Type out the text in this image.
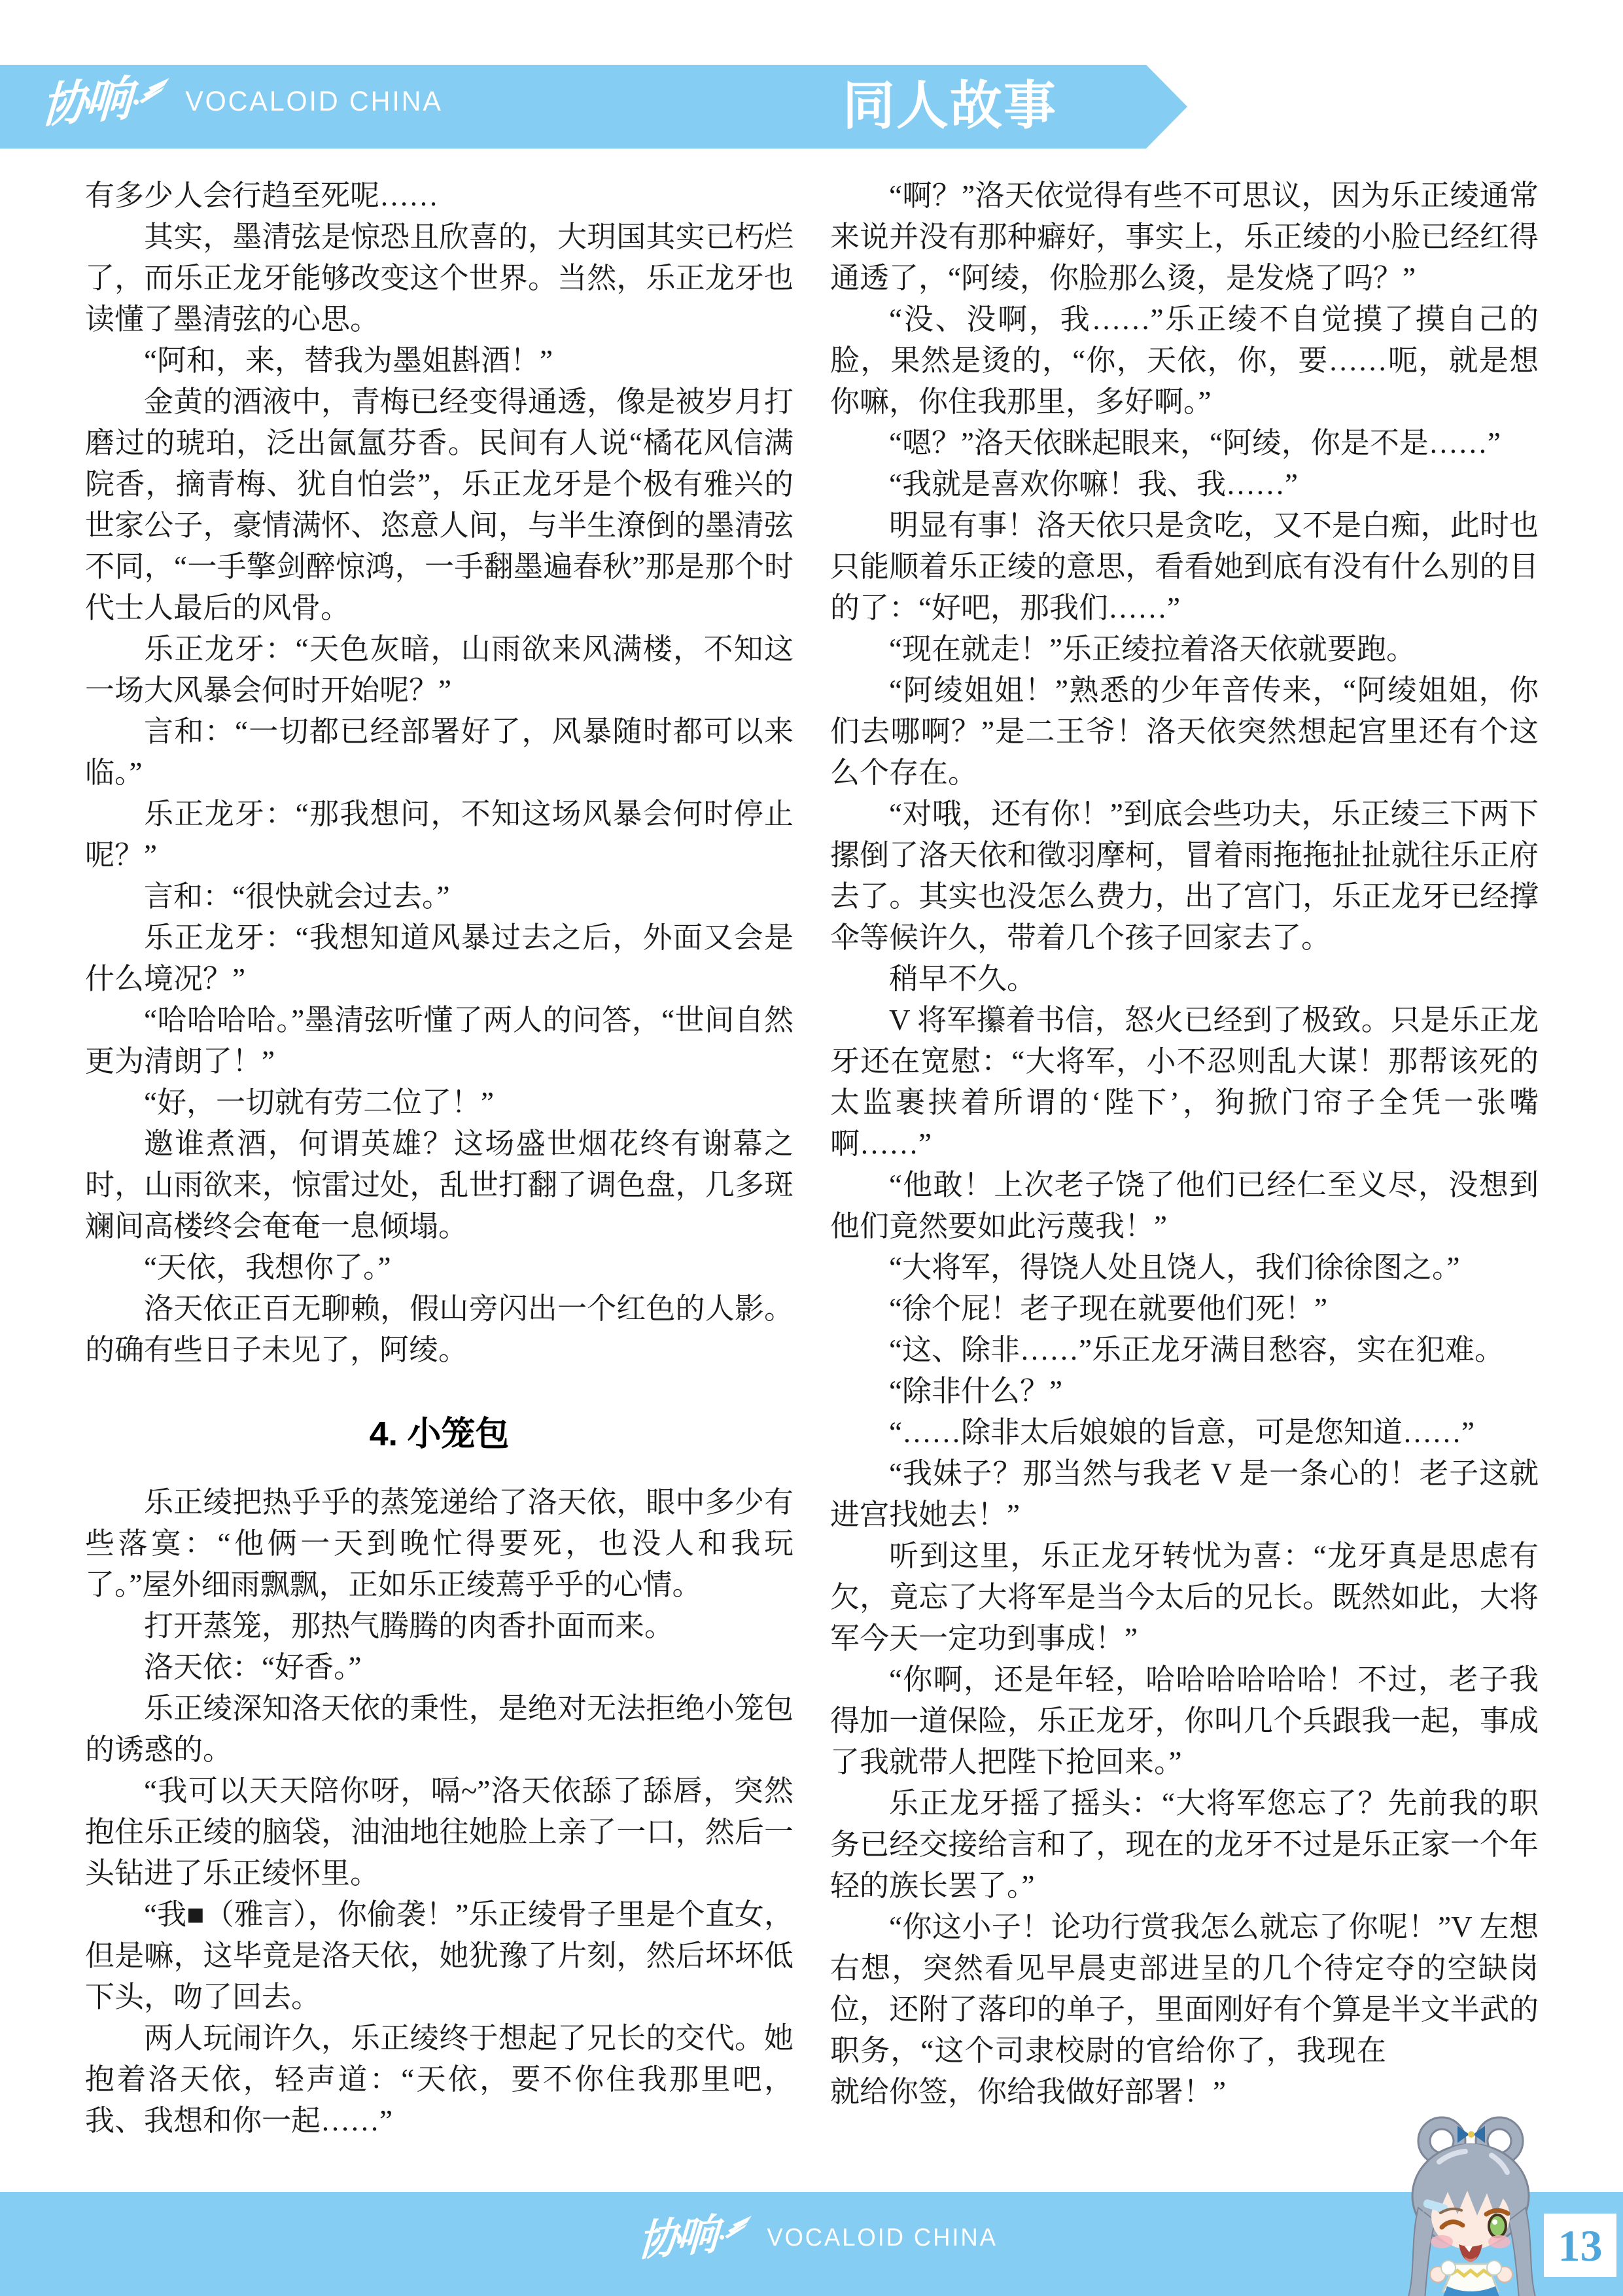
协响 VOCALOID CHINA	同人故事

有多少人会行趋至死呢……

其实，墨清弦是惊恐且欣喜的，大玥国其实已朽烂了，而乐正龙牙能够改变这个世界。当然，乐正龙牙也读懂了墨清弦的心思。

“阿和，来，替我为墨姐斟酒！”

金黄的酒液中，青梅已经变得通透，像是被岁月打磨过的琥珀，泛出氤氲芬香。民间有人说“橘花风信满院香，摘青梅、犹自怕尝”，乐正龙牙是个极有雅兴的世家公子，豪情满怀、恣意人间，与半生潦倒的墨清弦不同，“一手擎剑醉惊鸿，一手翻墨遍春秋”那是那个时代士人最后的风骨。

乐正龙牙：“天色灰暗，山雨欲来风满楼，不知这一场大风暴会何时开始呢？”

言和：“一切都已经部署好了，风暴随时都可以来临。”

乐正龙牙：“那我想问，不知这场风暴会何时停止呢？”

言和：“很快就会过去。”

乐正龙牙：“我想知道风暴过去之后，外面又会是什么境况？”

“哈哈哈哈。”墨清弦听懂了两人的问答，“世间自然更为清朗了！”

“好，一切就有劳二位了！”

邀谁煮酒，何谓英雄？这场盛世烟花终有谢幕之时，山雨欲来，惊雷过处，乱世打翻了调色盘，几多斑斓间高楼终会奄奄一息倾塌。

“天依，我想你了。”

洛天依正百无聊赖，假山旁闪出一个红色的人影。的确有些日子未见了，阿绫。

4. 小笼包

乐正绫把热乎乎的蒸笼递给了洛天依，眼中多少有些落寞：“他俩一天到晚忙得要死，也没人和我玩了。”屋外细雨飘飘，正如乐正绫蔫乎乎的心情。

打开蒸笼，那热气腾腾的肉香扑面而来。

洛天依：“好香。”

乐正绫深知洛天依的秉性，是绝对无法拒绝小笼包的诱惑的。

“我可以天天陪你呀，嗝~”洛天依舔了舔唇，突然抱住乐正绫的脑袋，油油地往她脸上亲了一口，然后一头钻进了乐正绫怀里。

“我■（雅言），你偷袭！”乐正绫骨子里是个直女，但是嘛，这毕竟是洛天依，她犹豫了片刻，然后坏坏低下头，吻了回去。

两人玩闹许久，乐正绫终于想起了兄长的交代。她抱着洛天依，轻声道：“天依，要不你住我那里吧，我、我想和你一起……”

“啊？”洛天依觉得有些不可思议，因为乐正绫通常来说并没有那种癖好，事实上，乐正绫的小脸已经红得通透了，“阿绫，你脸那么烫，是发烧了吗？”

“没、没啊，我……”乐正绫不自觉摸了摸自己的脸，果然是烫的，“你，天依，你，要……呃，就是想你嘛，你住我那里，多好啊。”

“嗯？”洛天依眯起眼来，“阿绫，你是不是……”

“我就是喜欢你嘛！我、我……”

明显有事！洛天依只是贪吃，又不是白痴，此时也只能顺着乐正绫的意思，看看她到底有没有什么别的目的了：“好吧，那我们……”

“现在就走！”乐正绫拉着洛天依就要跑。

“阿绫姐姐！”熟悉的少年音传来，“阿绫姐姐，你们去哪啊？”是二王爷！洛天依突然想起宫里还有个这么个存在。

“对哦，还有你！”到底会些功夫，乐正绫三下两下摞倒了洛天依和徵羽摩柯，冒着雨拖拖扯扯就往乐正府去了。其实也没怎么费力，出了宫门，乐正龙牙已经撑伞等候许久，带着几个孩子回家去了。

稍早不久。

V 将军攥着书信，怒火已经到了极致。只是乐正龙牙还在宽慰：“大将军，小不忍则乱大谋！那帮该死的太监裹挟着所谓的‘陛下’，狗掀门帘子全凭一张嘴啊……”

“他敢！上次老子饶了他们已经仁至义尽，没想到他们竟然要如此污蔑我！”

“大将军，得饶人处且饶人，我们徐徐图之。”

“徐个屁！老子现在就要他们死！”

“这、除非……”乐正龙牙满目愁容，实在犯难。

“除非什么？”

“……除非太后娘娘的旨意，可是您知道……”

“我妹子？那当然与我老 V 是一条心的！老子这就进宫找她去！”

听到这里，乐正龙牙转忧为喜：“龙牙真是思虑有欠，竟忘了大将军是当今太后的兄长。既然如此，大将军今天一定功到事成！”

“你啊，还是年轻，哈哈哈哈哈哈！不过，老子我得加一道保险，乐正龙牙，你叫几个兵跟我一起，事成了我就带人把陛下抢回来。”

乐正龙牙摇了摇头：“大将军您忘了？先前我的职务已经交接给言和了，现在的龙牙不过是乐正家一个年轻的族长罢了。”

“你这小子！论功行赏我怎么就忘了你呢！”V 左想右想，突然看见早晨吏部进呈的几个待定夺的空缺岗位，还附了落印的单子，里面刚好有个算是半文半武的职务，“这
个司隶校尉的官给你了，我现在就给你签，你给我做好部署！”

协响 VOCALOID CHINA	13
